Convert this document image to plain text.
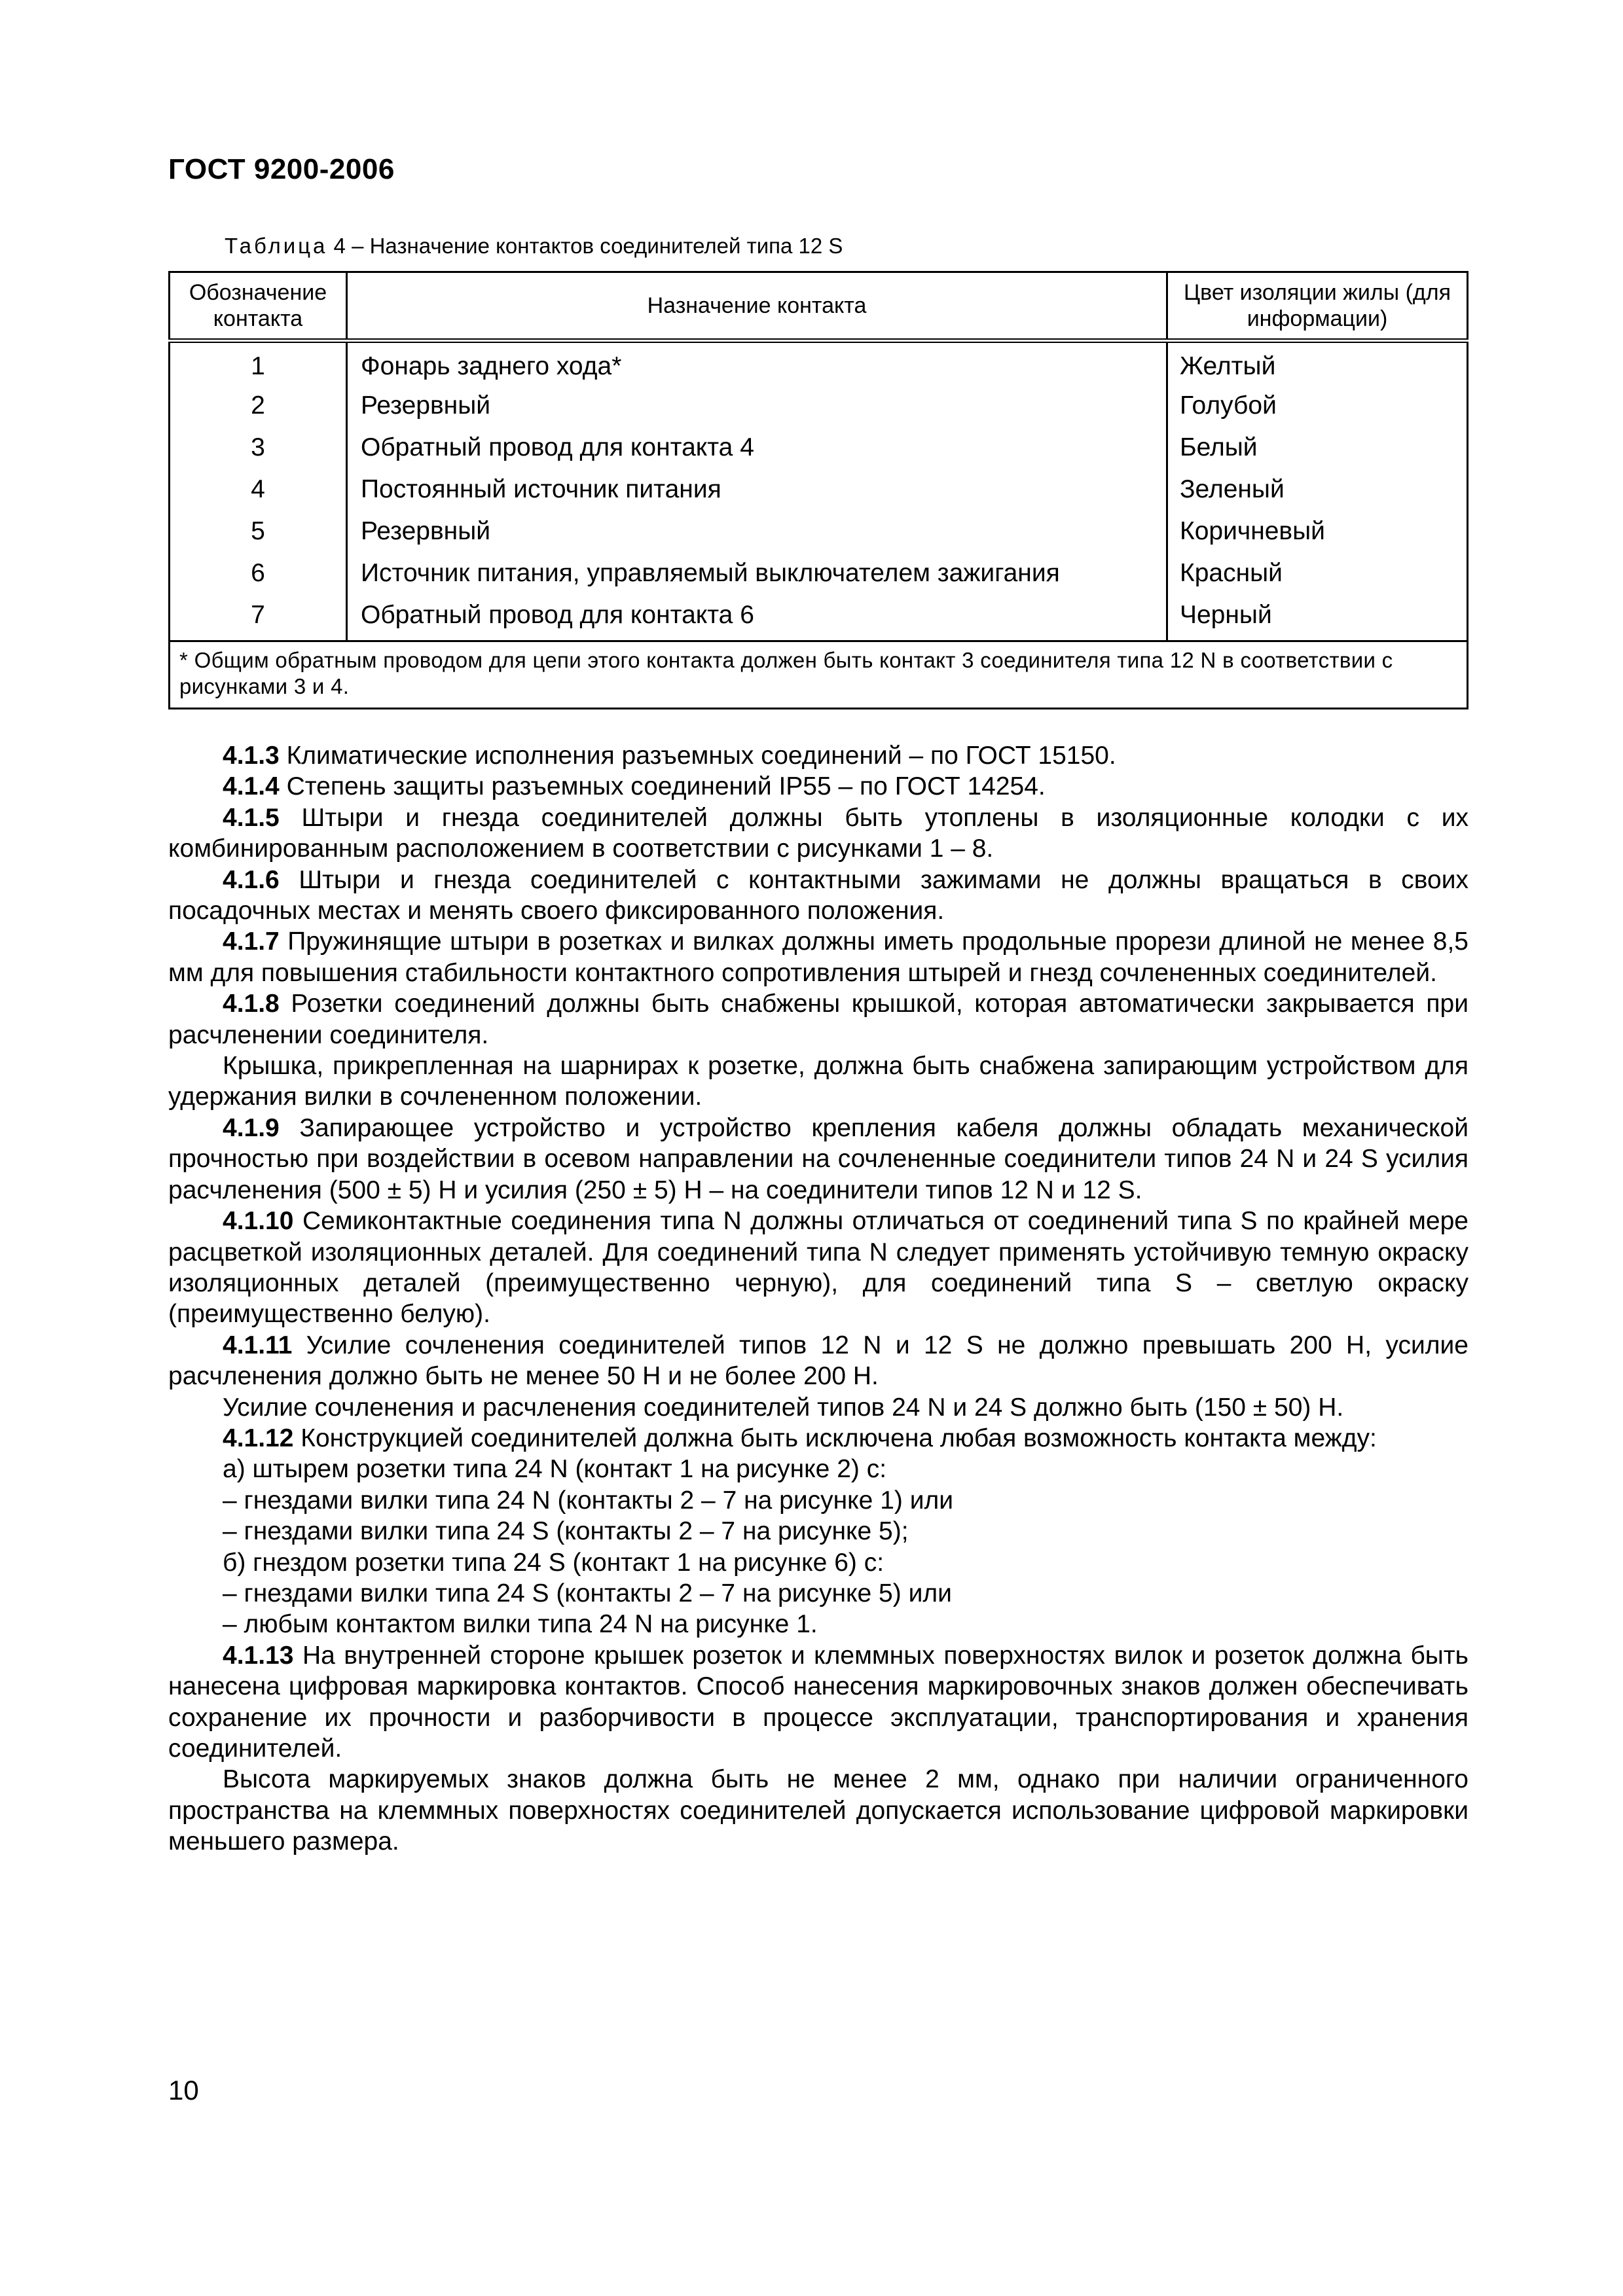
ГОСТ 9200-2006
Таблица 4 – Назначение контактов соединителей типа 12 S
Обозначение контакта	Назначение контакта	Цвет изоляции жилы (для информации)
1	Фонарь заднего хода*	Желтый
2	Резервный	Голубой
3	Обратный провод для контакта 4	Белый
4	Постоянный источник питания	Зеленый
5	Резервный	Коричневый
6	Источник питания, управляемый выключателем зажигания	Красный
7	Обратный провод для контакта 6	Черный
* Общим обратным проводом для цепи этого контакта должен быть контакт 3 соединителя типа 12 N в соответствии с рисунками 3 и 4.		

4.1.3 Климатические исполнения разъемных соединений – по ГОСТ 15150.

4.1.4 Степень защиты разъемных соединений IP55 – по ГОСТ 14254.

4.1.5 Штыри и гнезда соединителей должны быть утоплены в изоляционные колодки с их комбинированным расположением в соответствии с рисунками 1 – 8.

4.1.6 Штыри и гнезда соединителей с контактными зажимами не должны вращаться в своих посадочных местах и менять своего фиксированного положения.

4.1.7 Пружинящие штыри в розетках и вилках должны иметь продольные прорези длиной не менее 8,5 мм для повышения стабильности контактного сопротивления штырей и гнезд сочлененных соединителей.

4.1.8 Розетки соединений должны быть снабжены крышкой, которая автоматически закрывается при расчленении соединителя.

Крышка, прикрепленная на шарнирах к розетке, должна быть снабжена запирающим устройством для удержания вилки в сочлененном положении.

4.1.9 Запирающее устройство и устройство крепления кабеля должны обладать механической прочностью при воздействии в осевом направлении на сочлененные соединители типов 24 N и 24 S усилия расчленения (500 ± 5) Н и усилия (250 ± 5) Н – на соединители типов 12 N и 12 S.

4.1.10 Семиконтактные соединения типа N должны отличаться от соединений типа S по крайней мере расцветкой изоляционных деталей. Для соединений типа N следует применять устойчивую темную окраску изоляционных деталей (преимущественно черную), для соединений типа S – светлую окраску (преимущественно белую).

4.1.11 Усилие сочленения соединителей типов 12 N и 12 S не должно превышать 200 Н, усилие расчленения должно быть не менее 50 Н и не более 200 Н.

Усилие сочленения и расчленения соединителей типов 24 N и 24 S должно быть (150 ± 50) Н.

4.1.12 Конструкцией соединителей должна быть исключена любая возможность контакта между:

а) штырем розетки типа 24 N (контакт 1 на рисунке 2) с:

– гнездами вилки типа 24 N (контакты 2 – 7 на рисунке 1) или

– гнездами вилки типа 24 S (контакты 2 – 7 на рисунке 5);

б) гнездом розетки типа 24 S (контакт 1 на рисунке 6) с:

– гнездами вилки типа 24 S (контакты 2 – 7 на рисунке 5) или

– любым контактом вилки типа 24 N на рисунке 1.

4.1.13 На внутренней стороне крышек розеток и клеммных поверхностях вилок и розеток должна быть нанесена цифровая маркировка контактов. Способ нанесения маркировочных знаков должен обеспечивать сохранение их прочности и разборчивости в процессе эксплуатации, транспортирования и хранения соединителей.

Высота маркируемых знаков должна быть не менее 2 мм, однако при наличии ограниченного пространства на клеммных поверхностях соединителей допускается использование цифровой маркировки меньшего размера.

10
